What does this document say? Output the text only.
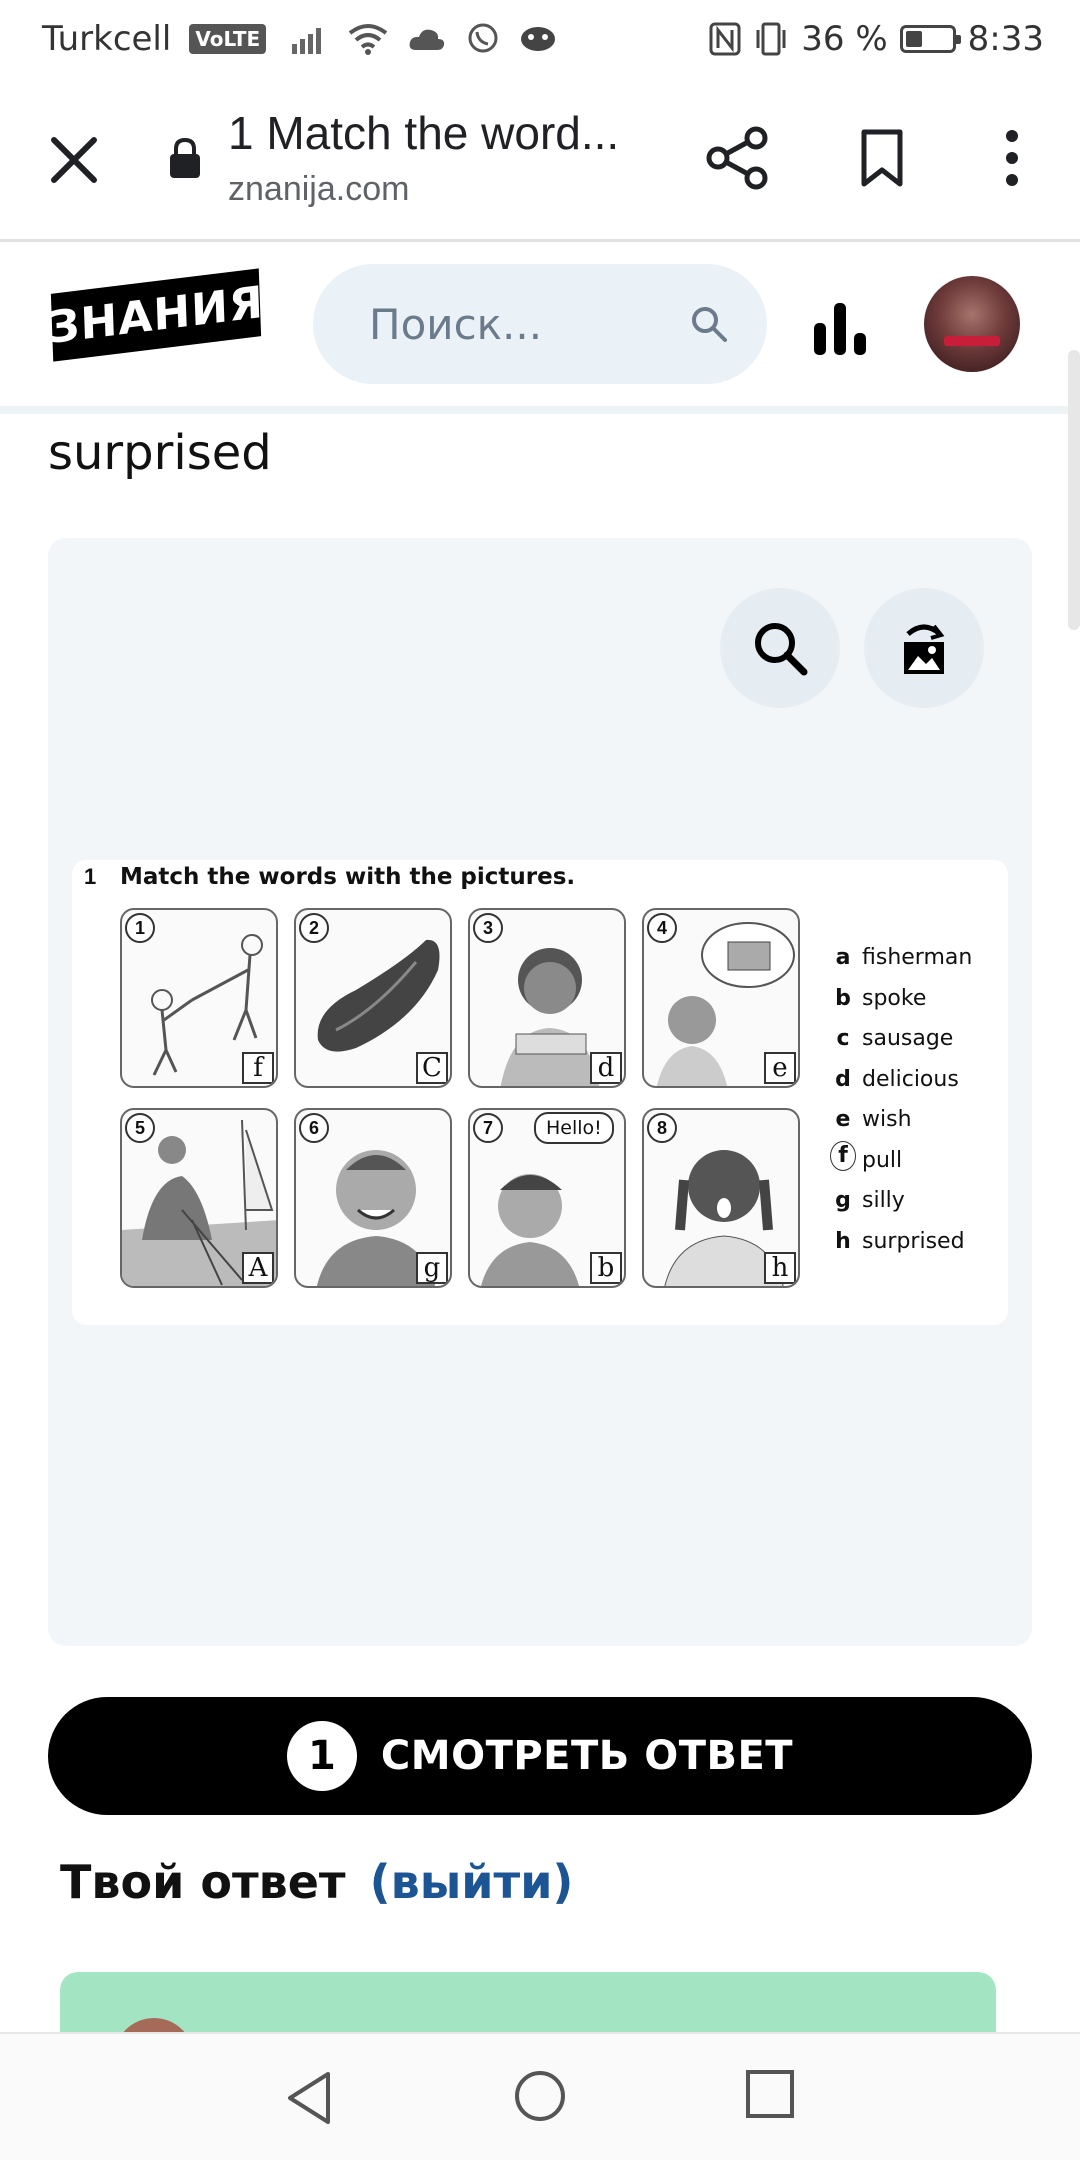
Turkcell	VoLTE	36 % 8:33
1 Match the word...
znanija.com
ЗНАНИЯ Поиск...
surprised
1 Match the words with the pictures.
1
f
2
C
3
d
4
e
5
A
6
g
Hello!
7
b
8
h
a fisherman
b spoke
c sausage
d delicious
e wish
f pull
g silly
h surprised
1	СМОТРЕТЬ ОТВЕТ
Твой ответ (выйти)
